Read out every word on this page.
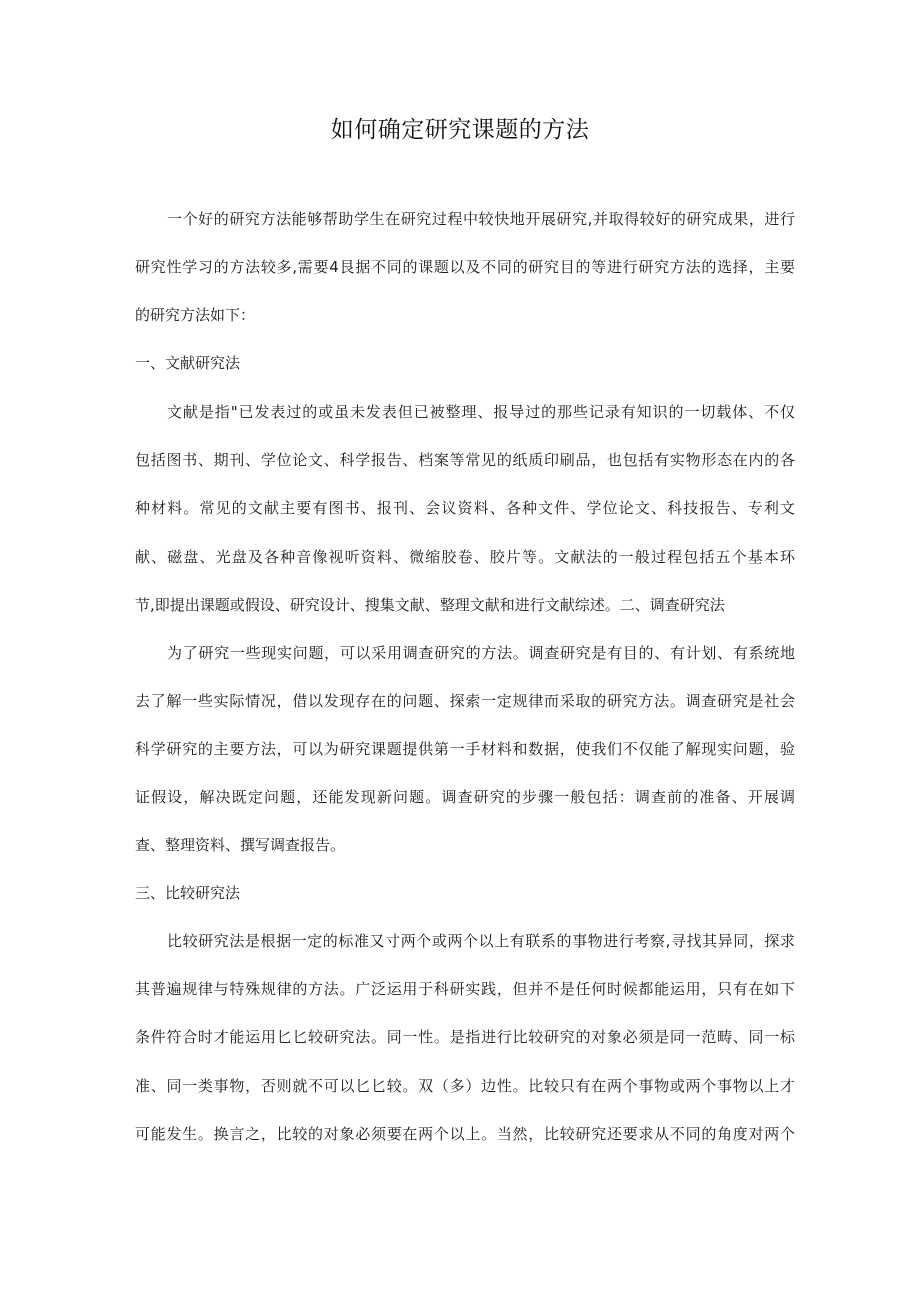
如何确定研究课题的方法
一个好的研究方法能够帮助学生在研究过程中较快地开展研究,并取得较好的研究成果，进行
研究性学习的方法较多,需要4艮据不同的课题以及不同的研究目的等进行研究方法的选择，主要
的研究方法如下：
一、文献研究法
文献是指"已发表过的或虽未发表但已被整理、报导过的那些记录有知识的一切载体、不仅
包括图书、期刊、学位论文、科学报告、档案等常见的纸质印刷品，也包括有实物形态在内的各
种材料。常见的文献主要有图书、报刊、会议资料、各种文件、学位论文、科技报告、专利文
献、磁盘、光盘及各种音像视听资料、微缩胶卷、胶片等。文献法的一般过程包括五个基本环
节,即提出课题或假设、研究设计、搜集文献、整理文献和进行文献综述。二、调查研究法
为了研究一些现实问题，可以采用调查研究的方法。调查研究是有目的、有计划、有系统地
去了解一些实际情况，借以发现存在的问题、探索一定规律而采取的研究方法。调查研究是社会
科学研究的主要方法，可以为研究课题提供第一手材料和数据，使我们不仅能了解现实问题，验
证假设，解决既定问题，还能发现新问题。调查研究的步骤一般包括：调查前的准备、开展调
查、整理资料、撰写调查报告。
三、比较研究法
比较研究法是根据一定的标准又寸两个或两个以上有联系的事物进行考察,寻找其异同，探求
其普遍规律与特殊规律的方法。广泛运用于科研实践，但并不是任何时候都能运用，只有在如下
条件符合时才能运用匕匕较研究法。同一性。是指进行比较研究的对象必须是同一范畴、同一标
准、同一类事物，否则就不可以匕匕较。双（多）边性。比较只有在两个事物或两个事物以上才
可能发生。换言之，比较的对象必须要在两个以上。当然，比较研究还要求从不同的角度对两个
